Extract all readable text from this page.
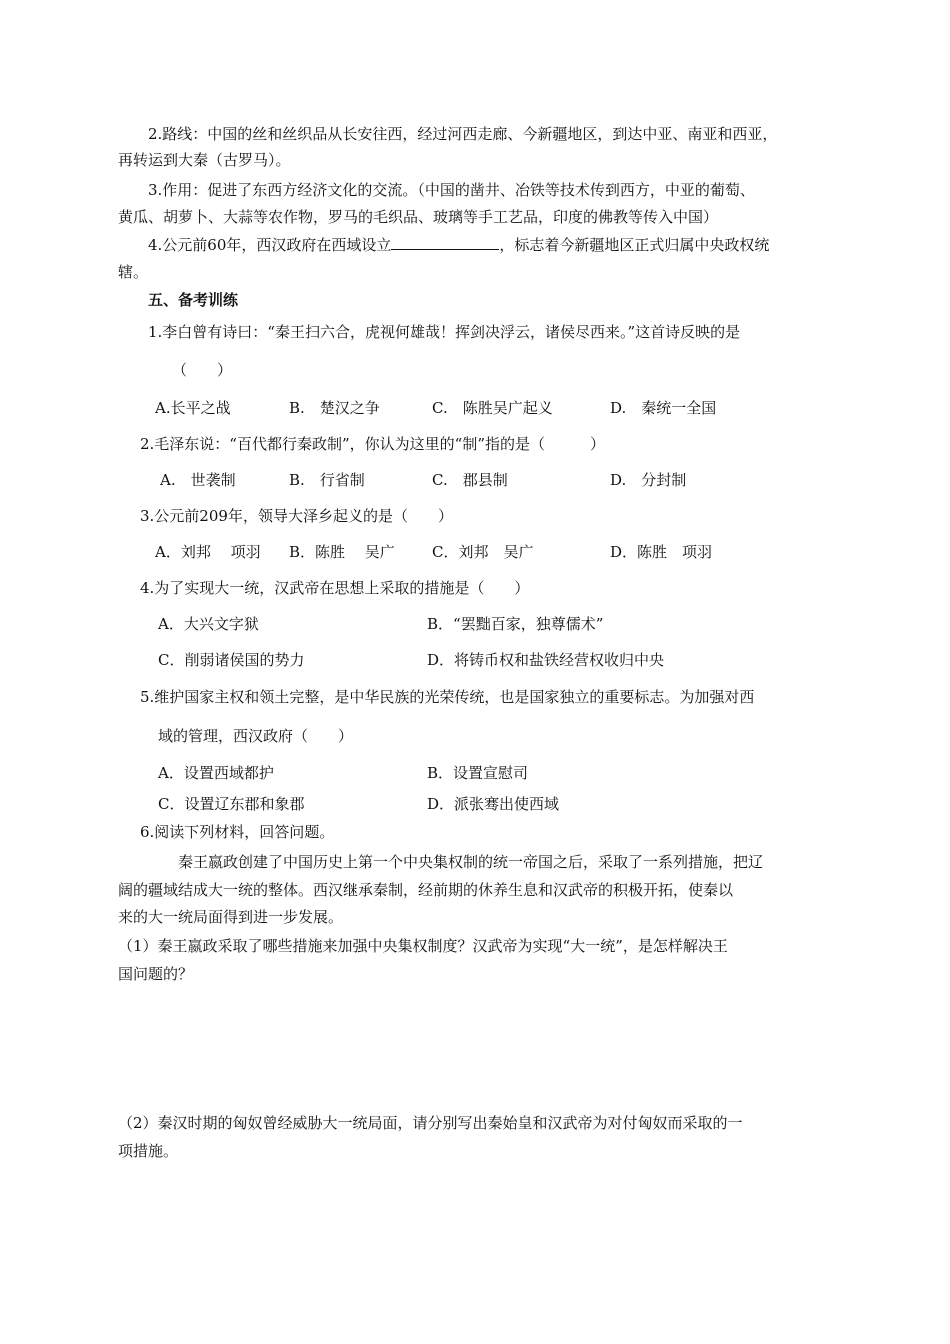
2.路线：中国的丝和丝织品从长安往西，经过河西走廊、今新疆地区，到达中亚、南亚和西亚，
再转运到大秦（古罗马）。
3.作用：促进了东西方经济文化的交流。（中国的凿井、冶铁等技术传到西方，中亚的葡萄、
黄瓜、胡萝卜、大蒜等农作物，罗马的毛织品、玻璃等手工艺品，印度的佛教等传入中国）
4.公元前60年，西汉政府在西域设立	，标志着今新疆地区正式归属中央政权统
辖。
五、备考训练
1.李白曾有诗曰：“秦王扫六合，虎视何雄哉！挥剑决浮云，诸侯尽西来。”这首诗反映的是
（　　）
A.长平之战	B.　楚汉之争	C.　陈胜吴广起义	D.　秦统一全国
2.毛泽东说：“百代都行秦政制”，你认为这里的“制”指的是（　　　）
A.　世袭制	B.　行省制	C.　郡县制	D.　分封制
3.公元前209年，领导大泽乡起义的是（　　）
A．刘邦　 项羽 B．陈胜　 吴广 C．刘邦　吴广	D．陈胜　项羽
4.为了实现大一统，汉武帝在思想上采取的措施是（　　）
A．大兴文字狱	B．“罢黜百家，独尊儒术”
C．削弱诸侯国的势力	D．将铸币权和盐铁经营权收归中央
5.维护国家主权和领土完整，是中华民族的光荣传统，也是国家独立的重要标志。为加强对西
域的管理，西汉政府（　　）
A．设置西域都护	B．设置宣慰司
C．设置辽东郡和象郡	D．派张骞出使西域
6.阅读下列材料，回答问题。
秦王嬴政创建了中国历史上第一个中央集权制的统一帝国之后，采取了一系列措施，把辽
阔的疆域结成大一统的整体。西汉继承秦制，经前期的休养生息和汉武帝的积极开拓，使秦以
来的大一统局面得到进一步发展。
（1）秦王嬴政采取了哪些措施来加强中央集权制度？汉武帝为实现“大一统”，是怎样解决王
国问题的？
（2）秦汉时期的匈奴曾经威胁大一统局面，请分别写出秦始皇和汉武帝为对付匈奴而采取的一
项措施。
